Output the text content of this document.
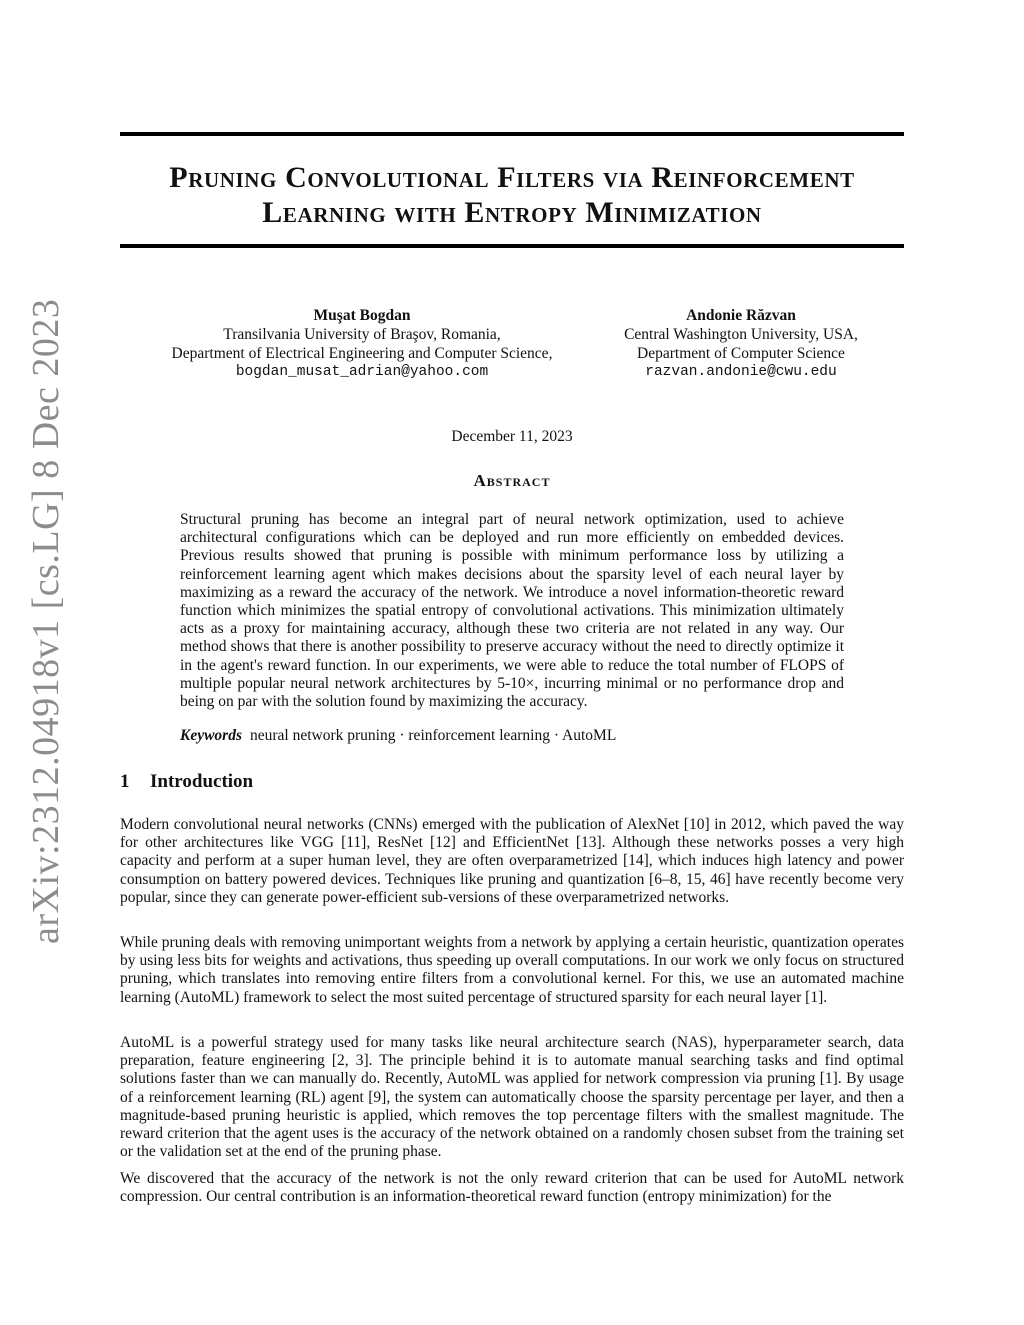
arXiv:2312.04918v1 [cs.LG] 8 Dec 2023
Pruning Convolutional Filters via Reinforcement
Learning with Entropy Minimization
Muşat Bogdan
Transilvania University of Braşov, Romania,
Department of Electrical Engineering and Computer Science,
bogdan_musat_adrian@yahoo.com
Andonie Răzvan
Central Washington University, USA,
Department of Computer Science
razvan.andonie@cwu.edu
December 11, 2023
Abstract

Structural pruning has become an integral part of neural network optimization, used to achieve architectural configurations which can be deployed and run more efficiently on embedded devices. Previous results showed that pruning is possible with minimum performance loss by utilizing a reinforcement learning agent which makes decisions about the sparsity level of each neural layer by maximizing as a reward the accuracy of the network. We introduce a novel information-theoretic reward function which minimizes the spatial entropy of convolutional activations. This minimization ultimately acts as a proxy for maintaining accuracy, although these two criteria are not related in any way. Our method shows that there is another possibility to preserve accuracy without the need to directly optimize it in the agent's reward function. In our experiments, we were able to reduce the total number of FLOPS of multiple popular neural network architectures by 5-10×, incurring minimal or no performance drop and being on par with the solution found by maximizing the accuracy.

Keywords neural network pruning · reinforcement learning · AutoML
1 Introduction

Modern convolutional neural networks (CNNs) emerged with the publication of AlexNet [10] in 2012, which paved the way for other architectures like VGG [11], ResNet [12] and EfficientNet [13]. Although these networks posses a very high capacity and perform at a super human level, they are often overparametrized [14], which induces high latency and power consumption on battery powered devices. Techniques like pruning and quantization [6–8, 15, 46] have recently become very popular, since they can generate power-efficient sub-versions of these overparametrized networks.

While pruning deals with removing unimportant weights from a network by applying a certain heuristic, quantization operates by using less bits for weights and activations, thus speeding up overall computations. In our work we only focus on structured pruning, which translates into removing entire filters from a convolutional kernel. For this, we use an automated machine learning (AutoML) framework to select the most suited percentage of structured sparsity for each neural layer [1].

AutoML is a powerful strategy used for many tasks like neural architecture search (NAS), hyperparameter search, data preparation, feature engineering [2, 3]. The principle behind it is to automate manual searching tasks and find optimal solutions faster than we can manually do. Recently, AutoML was applied for network compression via pruning [1]. By usage of a reinforcement learning (RL) agent [9], the system can automatically choose the sparsity percentage per layer, and then a magnitude-based pruning heuristic is applied, which removes the top percentage filters with the smallest magnitude. The reward criterion that the agent uses is the accuracy of the network obtained on a randomly chosen subset from the training set or the validation set at the end of the pruning phase.

We discovered that the accuracy of the network is not the only reward criterion that can be used for AutoML network compression. Our central contribution is an information-theoretical reward function (entropy minimization) for the
